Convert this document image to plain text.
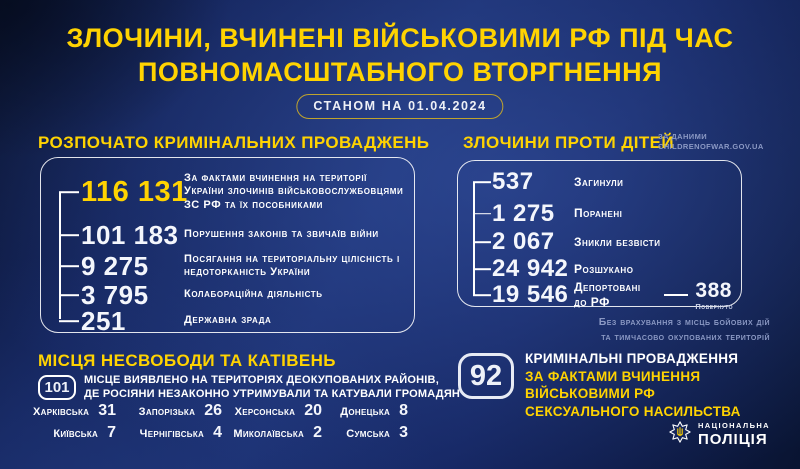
ЗЛОЧИНИ, ВЧИНЕНІ ВІЙСЬКОВИМИ РФ ПІД ЧАС
ПОВНОМАСШТАБНОГО ВТОРГНЕННЯ
СТАНОМ НА 01.04.2024
РОЗПОЧАТО КРИМІНАЛЬНИХ ПРОВАДЖЕНЬ
116 131
За фактами вчинення на території України злочинів військовослужбовцями ЗС РФ та їх пособниками
101 183 Порушення законів та звичаїв війни
9 275	Посягання на територіальну цілісність і недоторканість України
3 795	Колабораційна діяльність
251	Державна зрада
ЗЛОЧИНИ ПРОТИ ДІТЕЙ
ЗА ДАНИМИ
CHILDRENOFWAR.GOV.UA
537	Загинули
1 275	Поранені
2 067	Зникли безвісти
24 942 Розшукано
19 546 Депортовані до РФ
388
Повернуто
Без врахування з місць бойових дій
та тимчасово окупованих територій
МІСЦЯ НЕСВОБОДИ ТА КАТІВЕНЬ
101	МІСЦЕ ВИЯВЛЕНО НА ТЕРИТОРІЯХ ДЕОКУПОВАНИХ РАЙОНІВ,
ДЕ РОСІЯНИ НЕЗАКОННО УТРИМУВАЛИ ТА КАТУВАЛИ ГРОМАДЯН
Харківська 31 Запорізька 26 Херсонська 20 Донецька 8
Київська 7 Чернігівська 4 Миколаївська 2 Сумська 3
92
КРИМІНАЛЬНІ ПРОВАДЖЕННЯ
ЗА ФАКТАМИ ВЧИНЕННЯ
ВІЙСЬКОВИМИ РФ
СЕКСУАЛЬНОГО НАСИЛЬСТВА
НАЦІОНАЛЬНА
ПОЛІЦІЯ
